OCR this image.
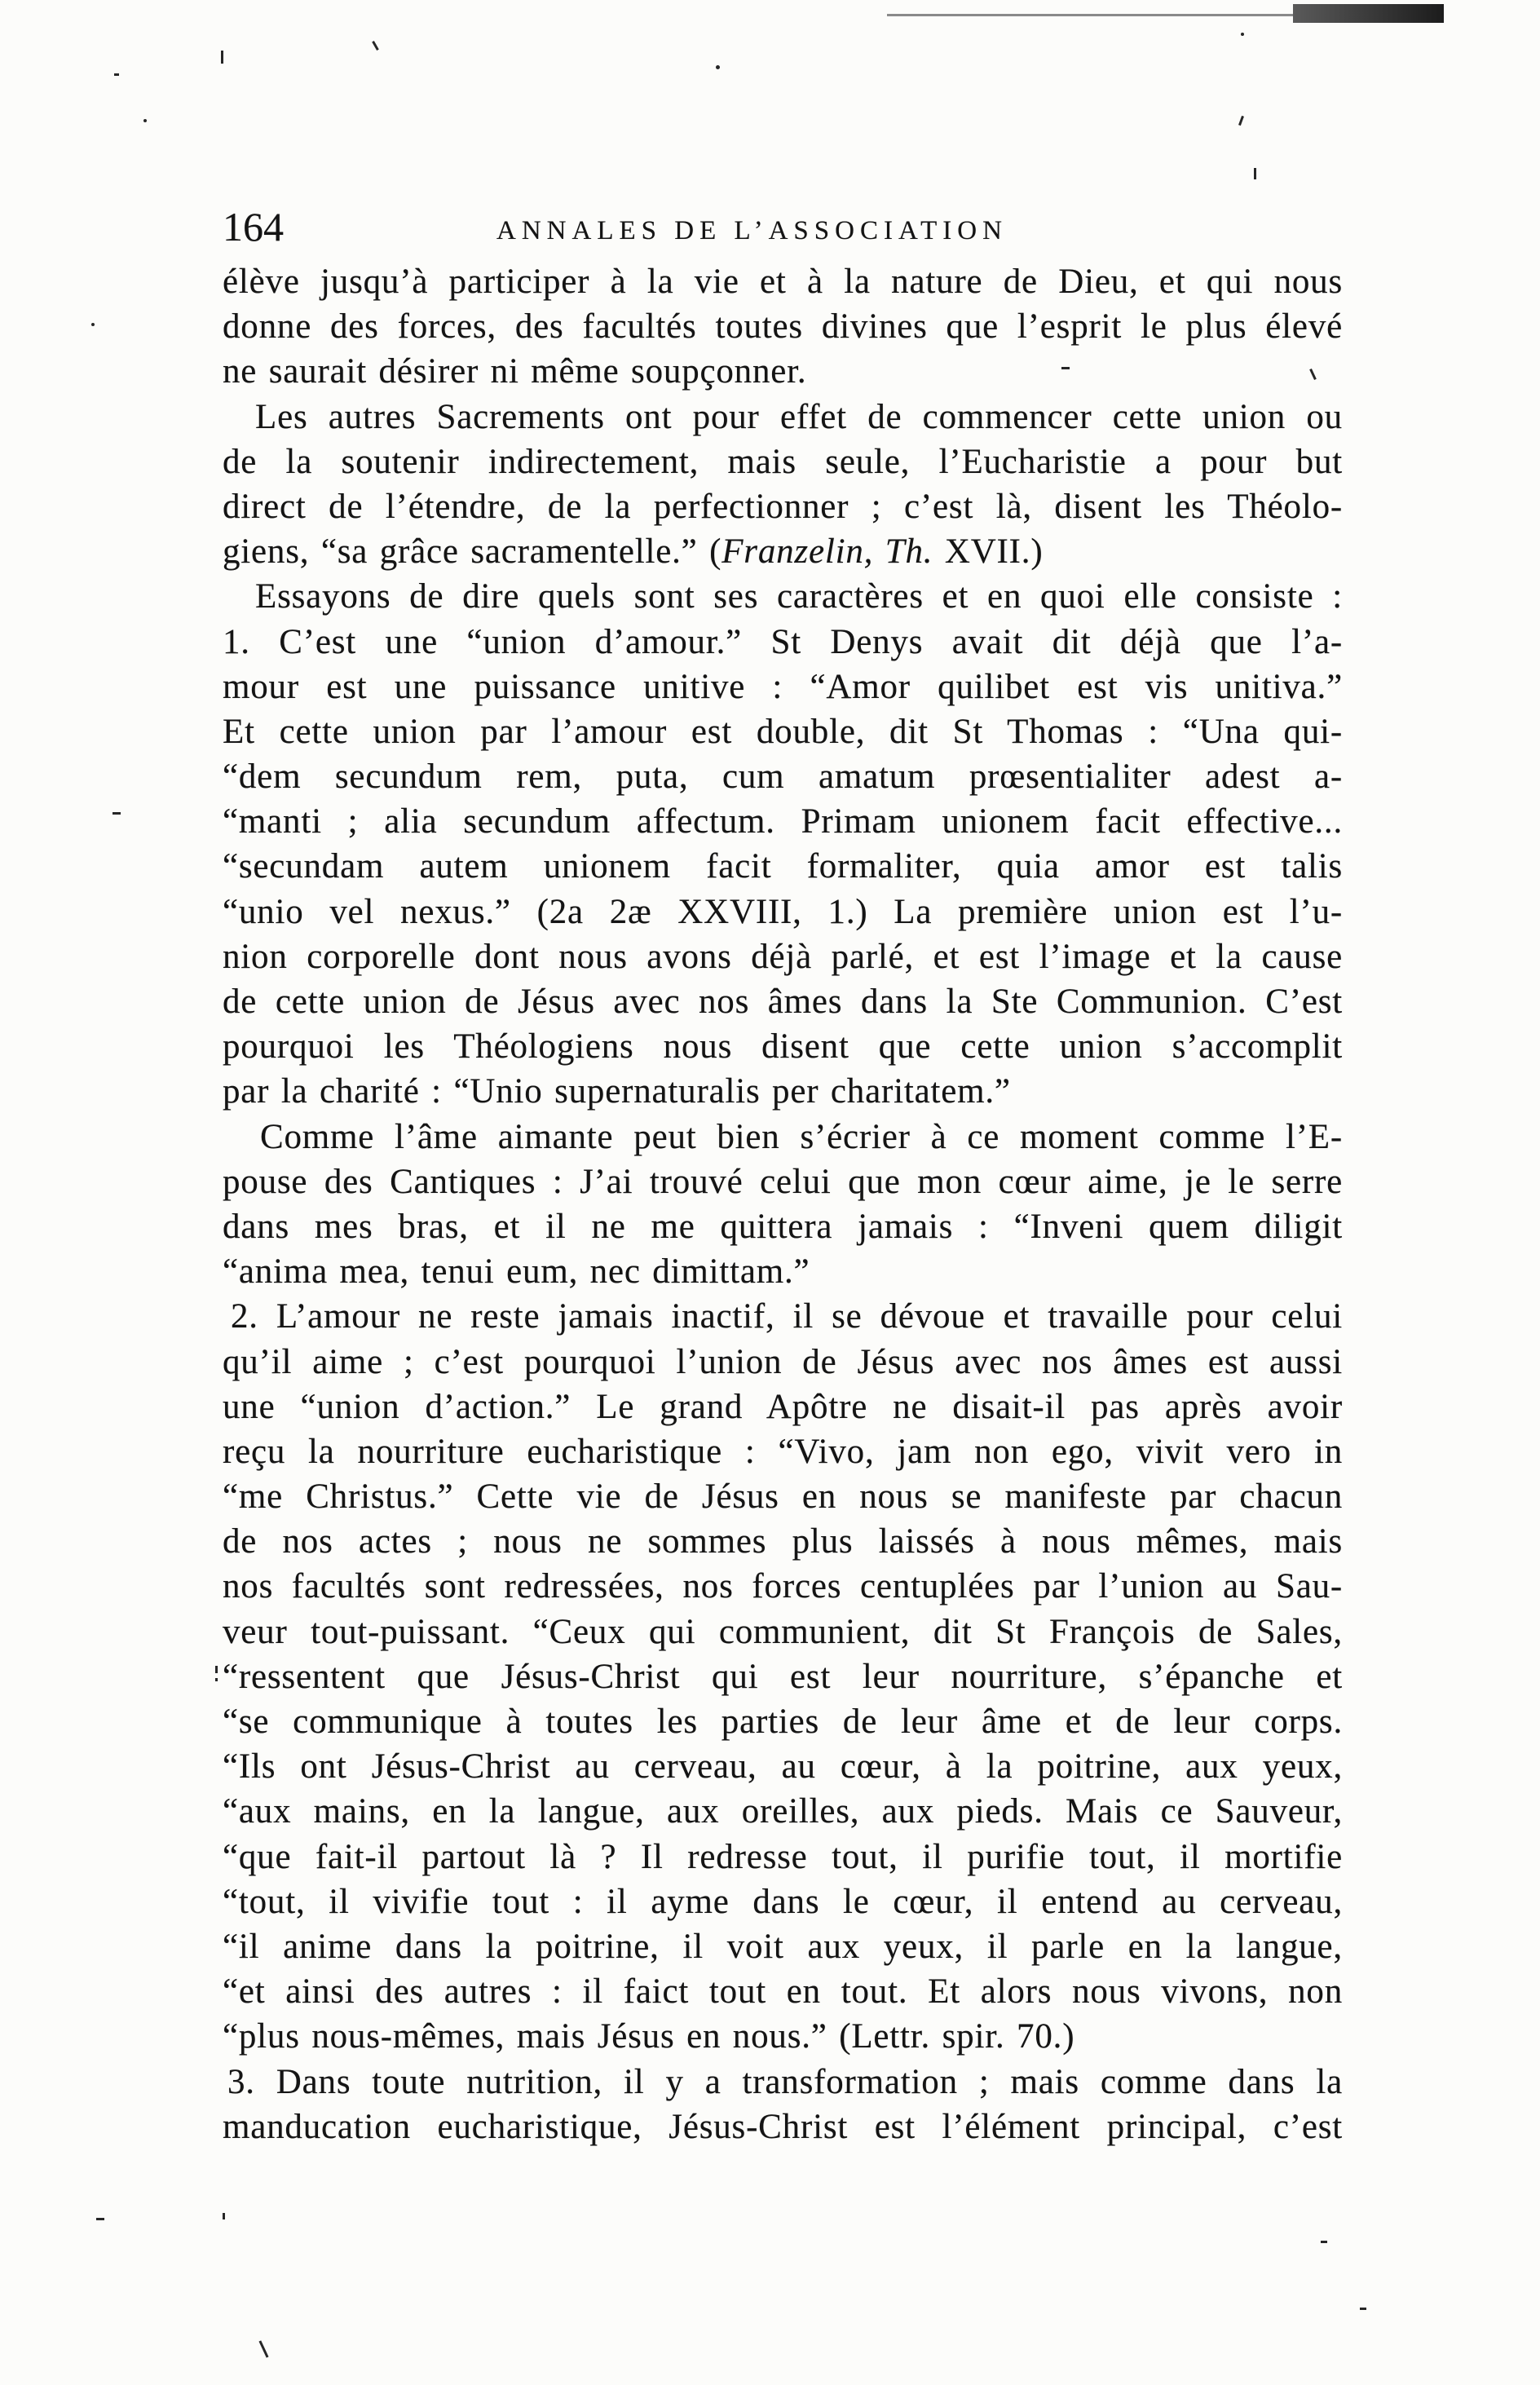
164	ANNALES DE L’ASSOCIATION
élève jusqu’à participer à la vie et à la nature de Dieu, et qui nous
donne des forces, des facultés toutes divines que l’esprit le plus élevé
ne saurait désirer ni même soupçonner.
Les autres Sacrements ont pour effet de commencer cette union ou
de la soutenir indirectement, mais seule, l’Eucharistie a pour but
direct de l’étendre, de la perfectionner ; c’est là, disent les Théolo-
giens, “sa grâce sacramentelle.” (Franzelin, Th. XVII.)
Essayons de dire quels sont ses caractères et en quoi elle consiste :
1. C’est une “union d’amour.” St Denys avait dit déjà que l’a-
mour est une puissance unitive : “Amor quilibet est vis unitiva.”
Et cette union par l’amour est double, dit St Thomas : “Una qui-
“dem secundum rem, puta, cum amatum prœsentialiter adest a-
“manti ; alia secundum affectum. Primam unionem facit effective...
“secundam autem unionem facit formaliter, quia amor est talis
“unio vel nexus.” (2a 2æ XXVIII, 1.) La première union est l’u-
nion corporelle dont nous avons déjà parlé, et est l’image et la cause
de cette union de Jésus avec nos âmes dans la Ste Communion. C’est
pourquoi les Théologiens nous disent que cette union s’accomplit
par la charité : “Unio supernaturalis per charitatem.”
Comme l’âme aimante peut bien s’écrier à ce moment comme l’E-
pouse des Cantiques : J’ai trouvé celui que mon cœur aime, je le serre
dans mes bras, et il ne me quittera jamais : “Inveni quem diligit
“anima mea, tenui eum, nec dimittam.”
2. L’amour ne reste jamais inactif, il se dévoue et travaille pour celui
qu’il aime ; c’est pourquoi l’union de Jésus avec nos âmes est aussi
une “union d’action.” Le grand Apôtre ne disait-il pas après avoir
reçu la nourriture eucharistique : “Vivo, jam non ego, vivit vero in
“me Christus.” Cette vie de Jésus en nous se manifeste par chacun
de nos actes ; nous ne sommes plus laissés à nous mêmes, mais
nos facultés sont redressées, nos forces centuplées par l’union au Sau-
veur tout-puissant. “Ceux qui communient, dit St François de Sales,
“ressentent que Jésus-Christ qui est leur nourriture, s’épanche et
“se communique à toutes les parties de leur âme et de leur corps.
“Ils ont Jésus-Christ au cerveau, au cœur, à la poitrine, aux yeux,
“aux mains, en la langue, aux oreilles, aux pieds. Mais ce Sauveur,
“que fait-il partout là ? Il redresse tout, il purifie tout, il mortifie
“tout, il vivifie tout : il ayme dans le cœur, il entend au cerveau,
“il anime dans la poitrine, il voit aux yeux, il parle en la langue,
“et ainsi des autres : il faict tout en tout. Et alors nous vivons, non
“plus nous-mêmes, mais Jésus en nous.” (Lettr. spir. 70.)
3. Dans toute nutrition, il y a transformation ; mais comme dans la
manducation eucharistique, Jésus-Christ est l’élément principal, c’est
